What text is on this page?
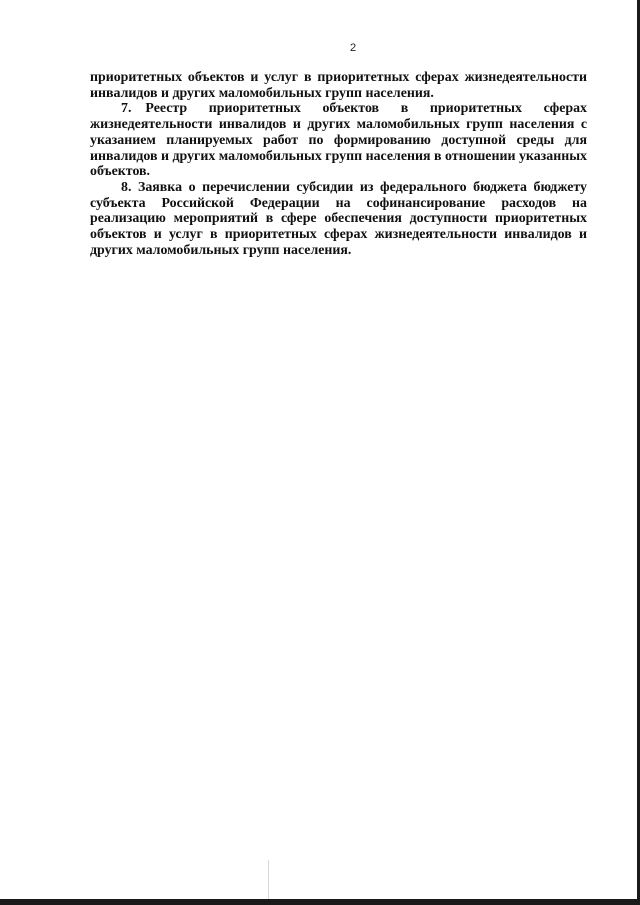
2

приоритетных объектов и услуг в приоритетных сферах жизнедеятельности инвалидов и других маломобильных групп населения.

7. Реестр приоритетных объектов в приоритетных сферах жизнедеятельности инвалидов и других маломобильных групп населения с указанием планируемых работ по формированию доступной среды для инвалидов и других маломобильных групп населения в отношении указанных объектов.

8. Заявка о перечислении субсидии из федерального бюджета бюджету субъекта Российской Федерации на софинансирование расходов на реализацию мероприятий в сфере обеспечения доступности приоритетных объектов и услуг в приоритетных сферах жизнедеятельности инвалидов и других маломобильных групп населения.
